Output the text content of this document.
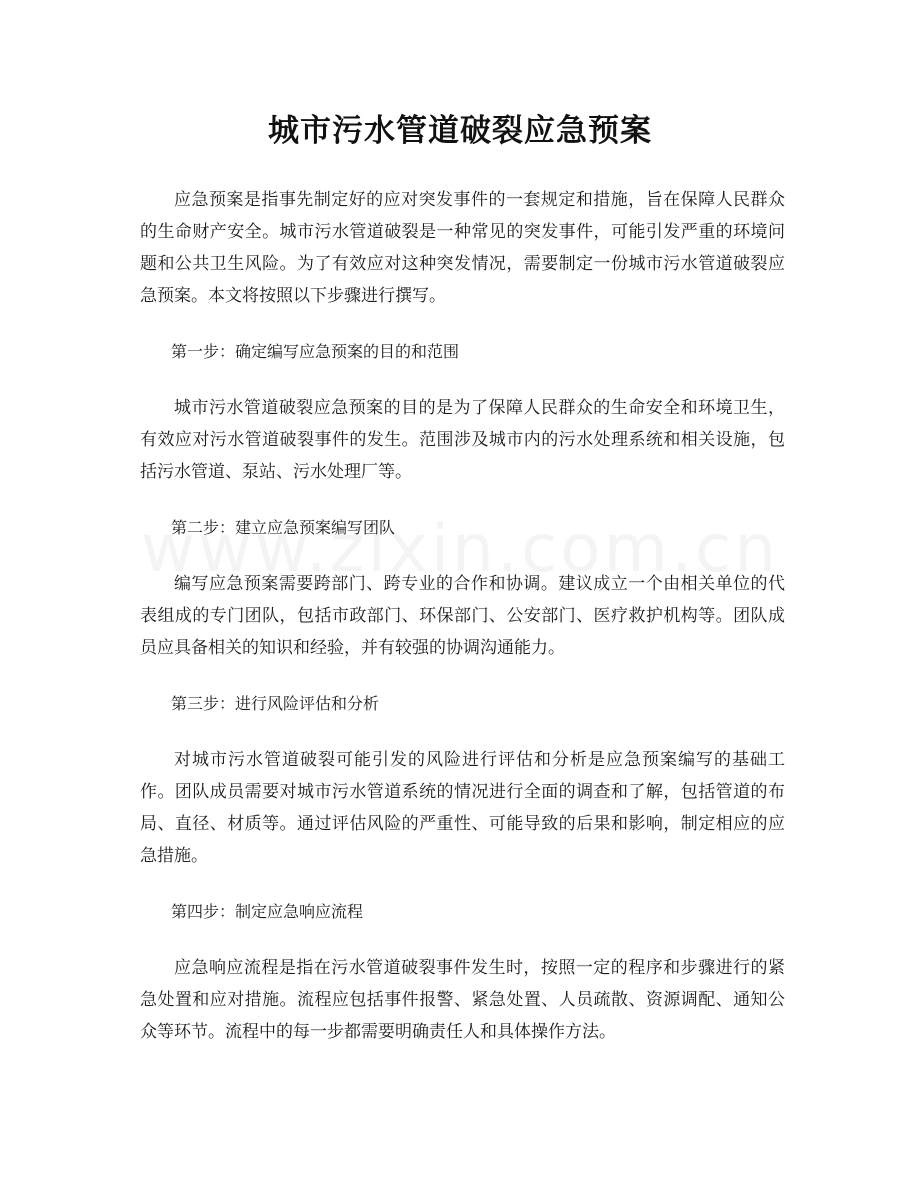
城市污水管道破裂应急预案

应急预案是指事先制定好的应对突发事件的一套规定和措施，旨在保障人民群众的生命财产安全。城市污水管道破裂是一种常见的突发事件，可能引发严重的环境问题和公共卫生风险。为了有效应对这种突发情况，需要制定一份城市污水管道破裂应急预案。本文将按照以下步骤进行撰写。

第一步：确定编写应急预案的目的和范围

城市污水管道破裂应急预案的目的是为了保障人民群众的生命安全和环境卫生，有效应对污水管道破裂事件的发生。范围涉及城市内的污水处理系统和相关设施，包括污水管道、泵站、污水处理厂等。

第二步：建立应急预案编写团队

编写应急预案需要跨部门、跨专业的合作和协调。建议成立一个由相关单位的代表组成的专门团队，包括市政部门、环保部门、公安部门、医疗救护机构等。团队成员应具备相关的知识和经验，并有较强的协调沟通能力。

第三步：进行风险评估和分析

对城市污水管道破裂可能引发的风险进行评估和分析是应急预案编写的基础工作。团队成员需要对城市污水管道系统的情况进行全面的调查和了解，包括管道的布局、直径、材质等。通过评估风险的严重性、可能导致的后果和影响，制定相应的应急措施。

第四步：制定应急响应流程

应急响应流程是指在污水管道破裂事件发生时，按照一定的程序和步骤进行的紧急处置和应对措施。流程应包括事件报警、紧急处置、人员疏散、资源调配、通知公众等环节。流程中的每一步都需要明确责任人和具体操作方法。
